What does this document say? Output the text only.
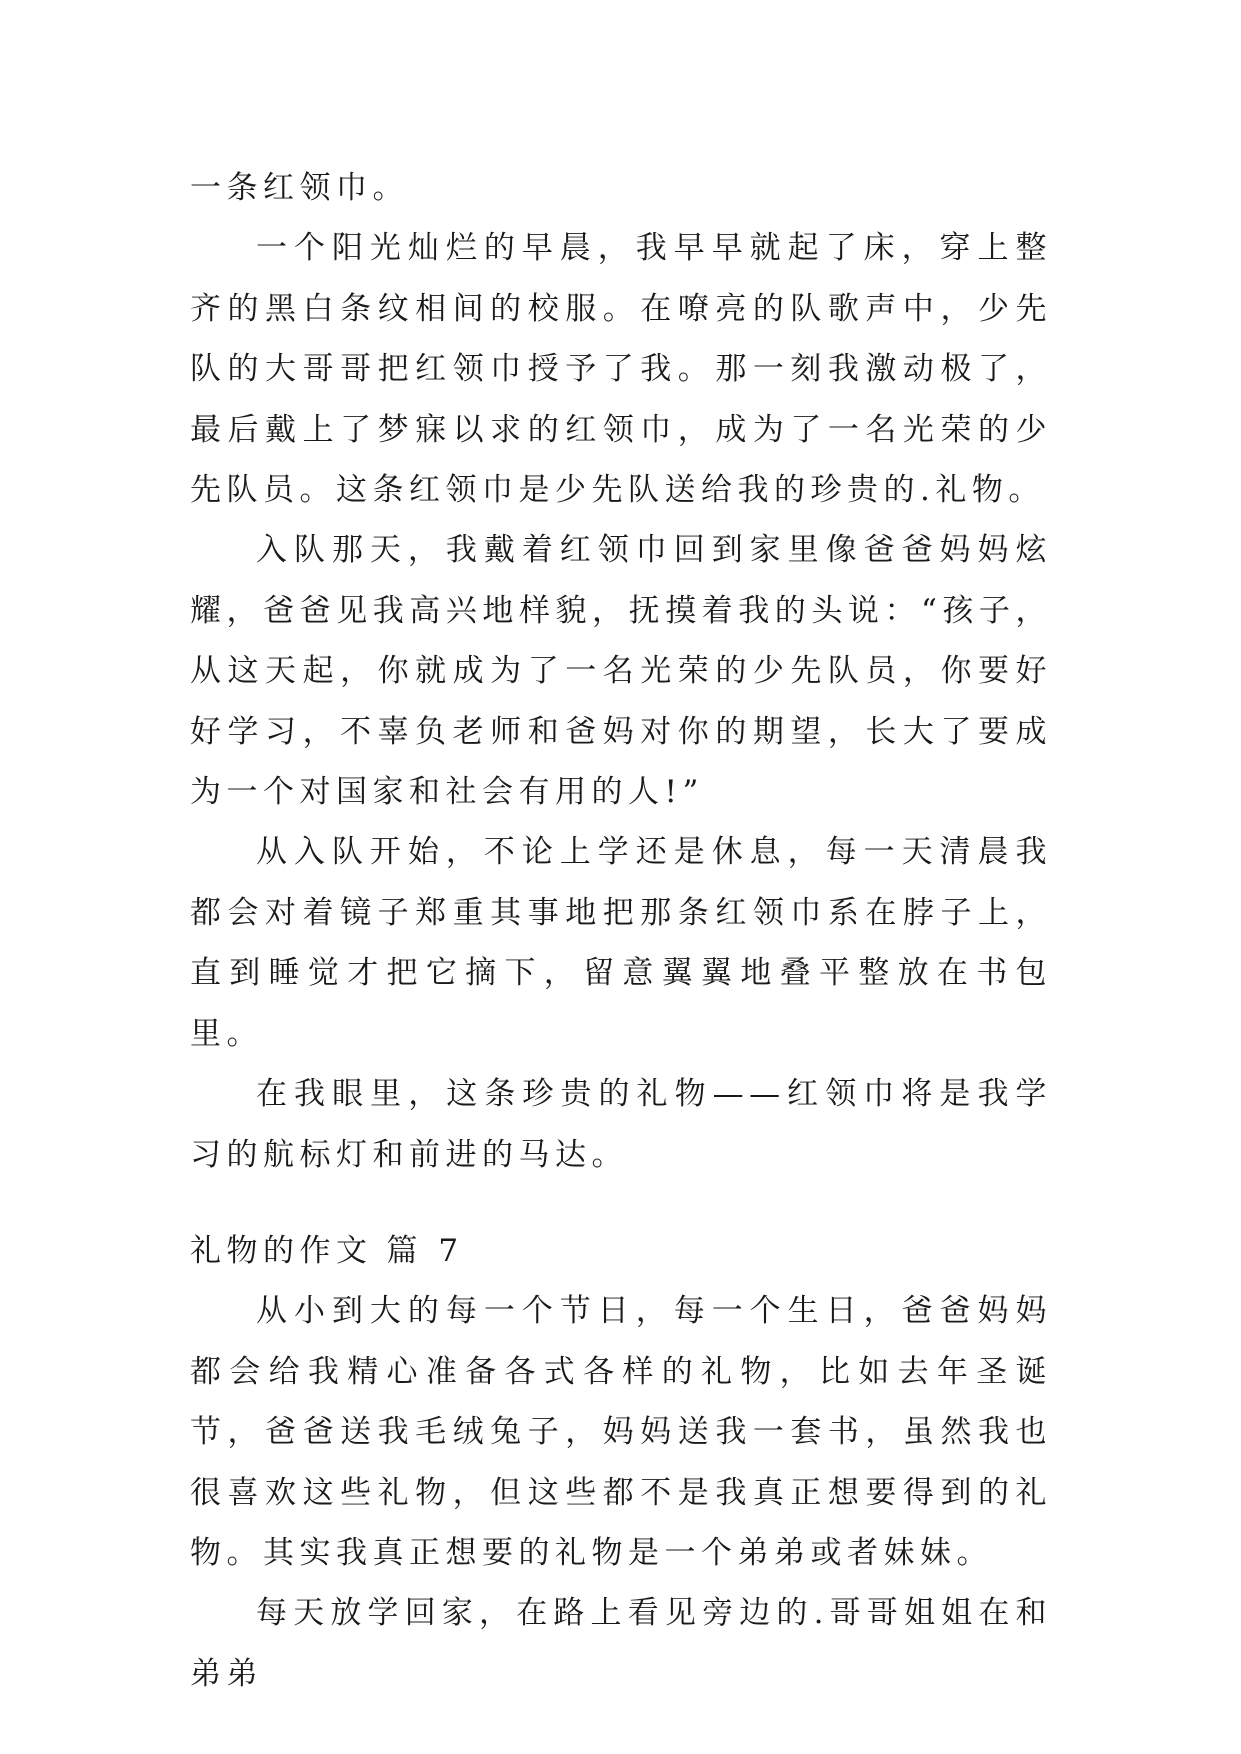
一条红领巾。

一个阳光灿烂的早晨，我早早就起了床，穿上整齐的黑白条纹相间的校服。在嘹亮的队歌声中，少先队的大哥哥把红领巾授予了我。那一刻我激动极了，最后戴上了梦寐以求的红领巾，成为了一名光荣的少先队员。这条红领巾是少先队送给我的珍贵的.礼物。

入队那天，我戴着红领巾回到家里像爸爸妈妈炫耀，爸爸见我高兴地样貌，抚摸着我的头说：“孩子，从这天起，你就成为了一名光荣的少先队员，你要好好学习，不辜负老师和爸妈对你的期望，长大了要成为一个对国家和社会有用的人!”

从入队开始，不论上学还是休息，每一天清晨我都会对着镜子郑重其事地把那条红领巾系在脖子上，直到睡觉才把它摘下，留意翼翼地叠平整放在书包里。

在我眼里，这条珍贵的礼物——红领巾将是我学习的航标灯和前进的马达。

礼物的作文 篇 7

从小到大的每一个节日，每一个生日，爸爸妈妈都会给我精心准备各式各样的礼物，比如去年圣诞节，爸爸送我毛绒兔子，妈妈送我一套书，虽然我也很喜欢这些礼物，但这些都不是我真正想要得到的礼物。其实我真正想要的礼物是一个弟弟或者妹妹。

每天放学回家，在路上看见旁边的.哥哥姐姐在和弟弟
